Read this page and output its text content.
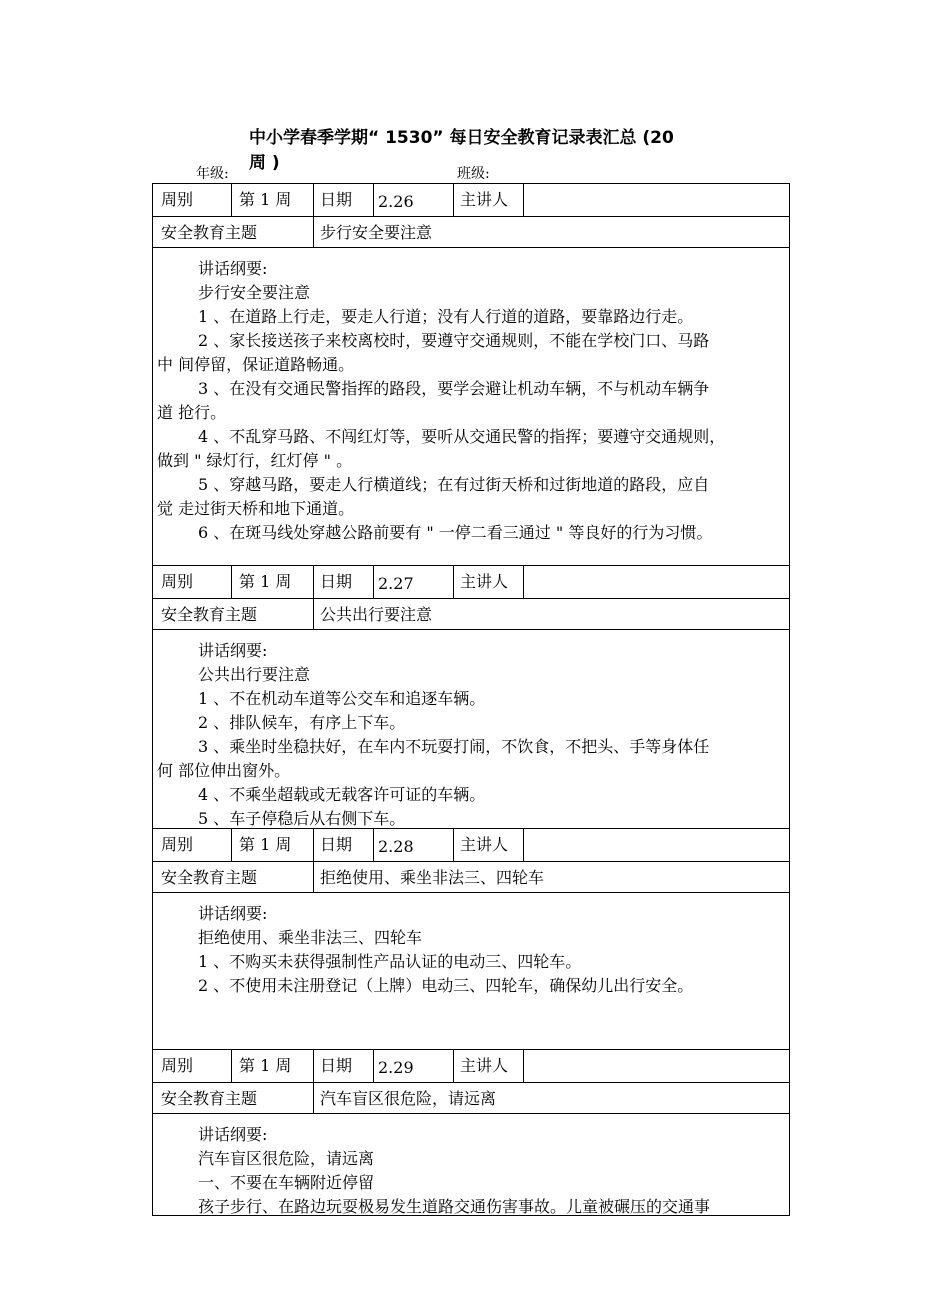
中小学春季学期“ 1530” 每日安全教育记录表汇总 (20
周 )
年级:	班级:
周别	第 1 周	日期	2.26	主讲人
安全教育主题	步行安全要注意
讲话纲要:
步行安全要注意
1 、在道路上行走，要走人行道；没有人行道的道路，要靠路边行走。
2 、家长接送孩子来校离校时，要遵守交通规则，不能在学校门口、马路
中 间停留，保证道路畅通。
3 、在没有交通民警指挥的路段，要学会避让机动车辆，不与机动车辆争
道 抢行。
4 、不乱穿马路、不闯红灯等，要听从交通民警的指挥；要遵守交通规则，
做到 " 绿灯行，红灯停 " 。
5 、穿越马路，要走人行横道线；在有过街天桥和过街地道的路段，应自
觉 走过街天桥和地下通道。
6 、在斑马线处穿越公路前要有 " 一停二看三通过 " 等良好的行为习惯。
周别	第 1 周	日期	2.27	主讲人
安全教育主题	公共出行要注意
讲话纲要:
公共出行要注意
1 、不在机动车道等公交车和追逐车辆。
2 、排队候车，有序上下车。
3 、乘坐时坐稳扶好，在车内不玩耍打闹，不饮食，不把头、手等身体任
何 部位伸出窗外。
4 、不乘坐超载或无载客许可证的车辆。
5 、车子停稳后从右侧下车。
周别	第 1 周	日期	2.28	主讲人
安全教育主题	拒绝使用、乘坐非法三、四轮车
讲话纲要:
拒绝使用、乘坐非法三、四轮车
1 、不购买未获得强制性产品认证的电动三、四轮车。
2 、不使用未注册登记（上牌）电动三、四轮车，确保幼儿出行安全。
周别	第 1 周	日期	2.29	主讲人
安全教育主题	汽车盲区很危险，请远离
讲话纲要:
汽车盲区很危险，请远离
一、不要在车辆附近停留
孩子步行、在路边玩耍极易发生道路交通伤害事故。儿童被碾压的交通事
